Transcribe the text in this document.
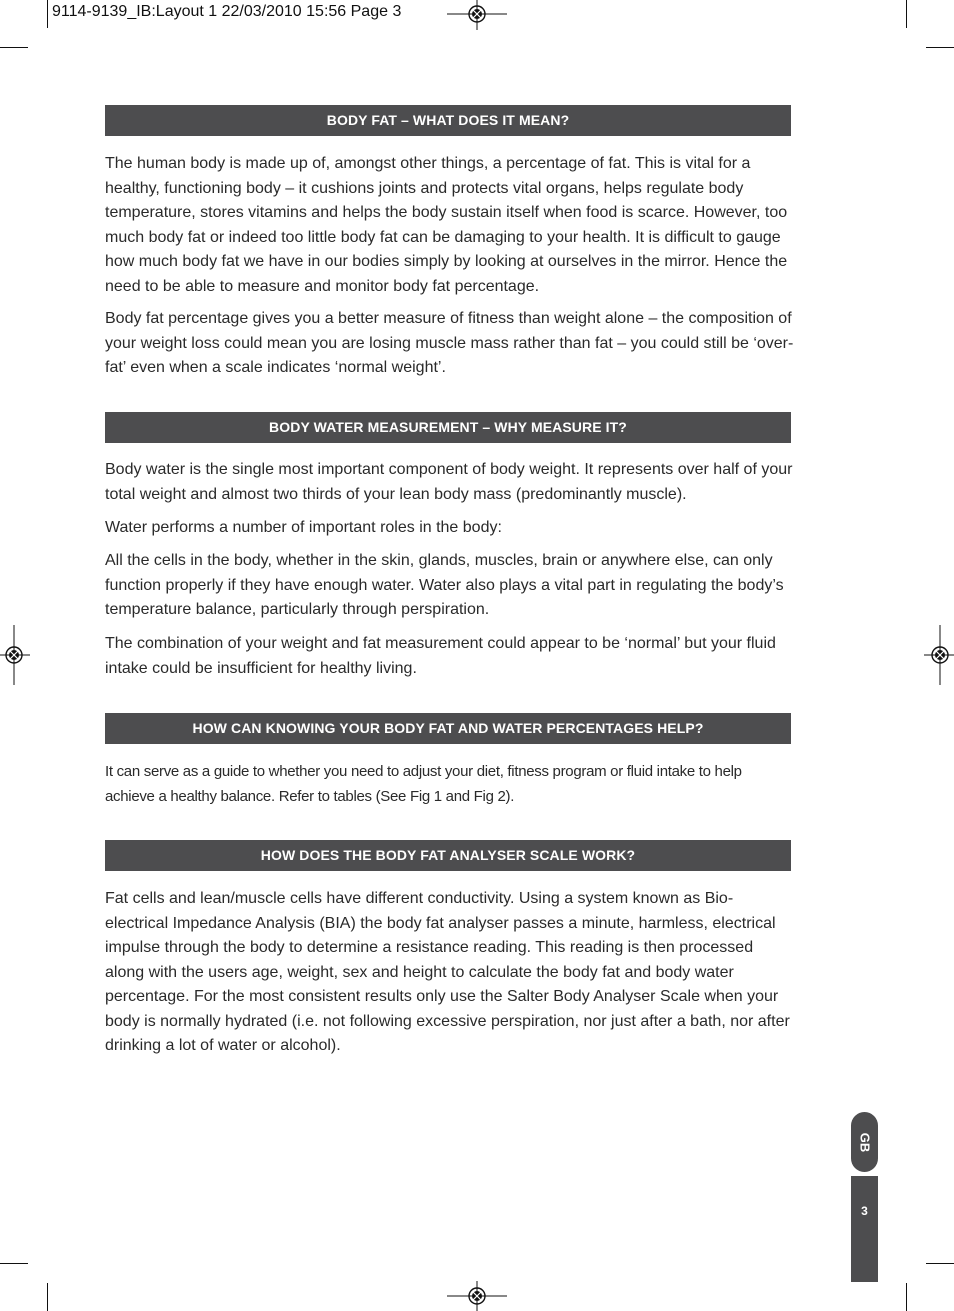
9114-9139_IB:Layout 1 22/03/2010 15:56 Page 3
BODY FAT – WHAT DOES IT MEAN?

The human body is made up of, amongst other things, a percentage of fat. This is vital for a healthy, functioning body – it cushions joints and protects vital organs, helps regulate body temperature, stores vitamins and helps the body sustain itself when food is scarce. However, too much body fat or indeed too little body fat can be damaging to your health. It is difficult to gauge how much body fat we have in our bodies simply by looking at ourselves in the mirror. Hence the need to be able to measure and monitor body fat percentage.

Body fat percentage gives you a better measure of fitness than weight alone – the composition of your weight loss could mean you are losing muscle mass rather than fat – you could still be ‘over-fat’ even when a scale indicates ‘normal weight’.

BODY WATER MEASUREMENT – WHY MEASURE IT?

Body water is the single most important component of body weight. It represents over half of your total weight and almost two thirds of your lean body mass (predominantly muscle).

Water performs a number of important roles in the body:

All the cells in the body, whether in the skin, glands, muscles, brain or anywhere else, can only function properly if they have enough water. Water also plays a vital part in regulating the body’s temperature balance, particularly through perspiration.

The combination of your weight and fat measurement could appear to be ‘normal’ but your fluid intake could be insufficient for healthy living.

HOW CAN KNOWING YOUR BODY FAT AND WATER PERCENTAGES HELP?

It can serve as a guide to whether you need to adjust your diet, fitness program or fluid intake to help achieve a healthy balance. Refer to tables (See Fig 1 and Fig 2).

HOW DOES THE BODY FAT ANALYSER SCALE WORK?

Fat cells and lean/muscle cells have different conductivity. Using a system known as Bio-electrical Impedance Analysis (BIA) the body fat analyser passes a minute, harmless, electrical impulse through the body to determine a resistance reading. This reading is then processed along with the users age, weight, sex and height to calculate the body fat and body water percentage. For the most consistent results only use the Salter Body Analyser Scale when your body is normally hydrated (i.e. not following excessive perspiration, nor just after a bath, nor after drinking a lot of water or alcohol).

GB
3
